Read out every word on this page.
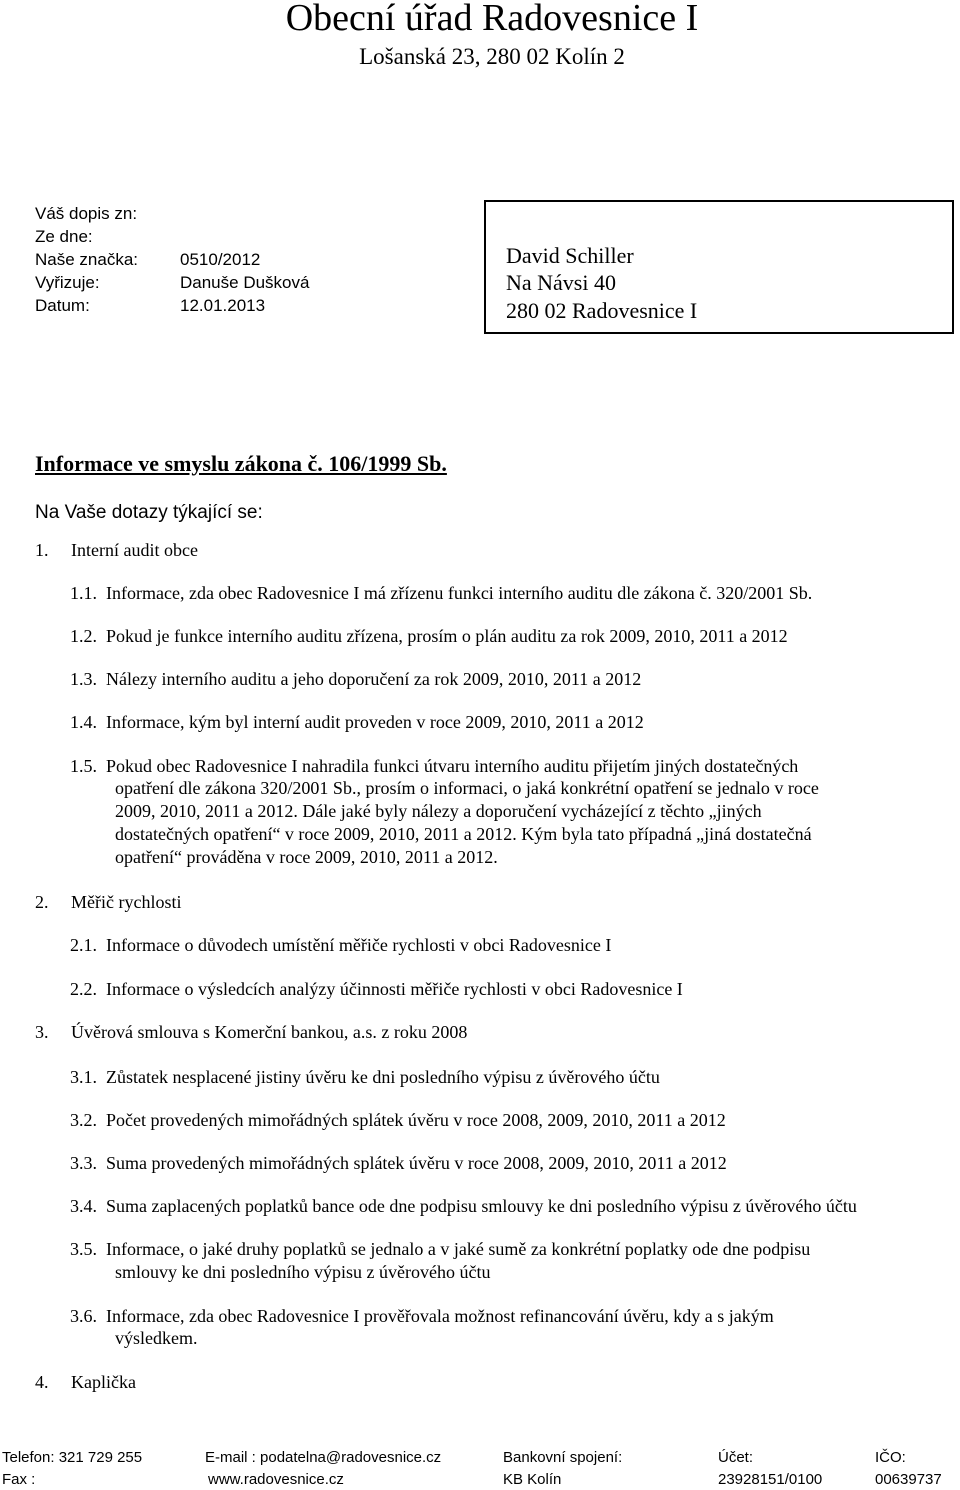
Obecní úřad Radovesnice I
Lošanská 23, 280 02 Kolín 2
Váš dopis zn:
Ze dne:
Naše značka: 0510/2012
Vyřizuje:	Danuše Dušková
Datum:	12.01.2013
David Schiller
Na Návsi 40
280 02 Radovesnice I
Informace ve smyslu zákona č. 106/1999 Sb.
Na Vaše dotazy týkající se:
1. Interní audit obce
1.1. Informace, zda obec Radovesnice I má zřízenu funkci interního auditu dle zákona č. 320/2001 Sb.
1.2. Pokud je funkce interního auditu zřízena, prosím o plán auditu za rok 2009, 2010, 2011 a 2012
1.3. Nálezy interního auditu a jeho doporučení za rok 2009, 2010, 2011 a 2012
1.4. Informace, kým byl interní audit proveden v roce 2009, 2010, 2011 a 2012
1.5. Pokud obec Radovesnice I nahradila funkci útvaru interního auditu přijetím jiných dostatečných
opatření dle zákona 320/2001 Sb., prosím o informaci, o jaká konkrétní opatření se jednalo v roce
2009, 2010, 2011 a 2012. Dále jaké byly nálezy a doporučení vycházející z těchto „jiných
dostatečných opatření“ v roce 2009, 2010, 2011 a 2012. Kým byla tato případná „jiná dostatečná
opatření“ prováděna v roce 2009, 2010, 2011 a 2012.
2. Měřič rychlosti
2.1. Informace o důvodech umístění měřiče rychlosti v obci Radovesnice I
2.2. Informace o výsledcích analýzy účinnosti měřiče rychlosti v obci Radovesnice I
3. Úvěrová smlouva s Komerční bankou, a.s. z roku 2008
3.1. Zůstatek nesplacené jistiny úvěru ke dni posledního výpisu z úvěrového účtu
3.2. Počet provedených mimořádných splátek úvěru v roce 2008, 2009, 2010, 2011 a 2012
3.3. Suma provedených mimořádných splátek úvěru v roce 2008, 2009, 2010, 2011 a 2012
3.4. Suma zaplacených poplatků bance ode dne podpisu smlouvy ke dni posledního výpisu z úvěrového účtu
3.5. Informace, o jaké druhy poplatků se jednalo a v jaké sumě za konkrétní poplatky ode dne podpisu
smlouvy ke dni posledního výpisu z úvěrového účtu
3.6. Informace, zda obec Radovesnice I prověřovala možnost refinancování úvěru, kdy a s jakým
výsledkem.
4. Kaplička
Telefon: 321 729 255
Fax :
E-mail : podatelna@radovesnice.cz
www.radovesnice.cz
Bankovní spojení:
KB Kolín
Účet:
23928151/0100
IČO:
00639737
